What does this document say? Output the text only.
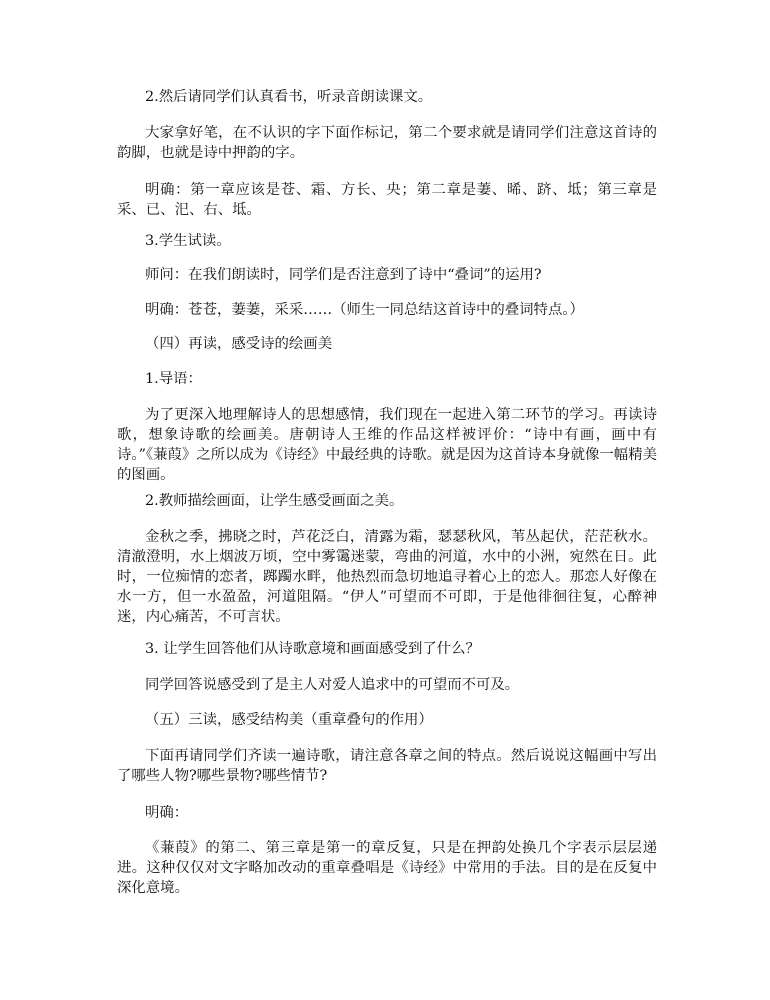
2.然后请同学们认真看书，听录音朗读课文。

大家拿好笔，在不认识的字下面作标记，第二个要求就是请同学们注意这首诗的韵脚，也就是诗中押韵的字。

明确：第一章应该是苍、霜、方长、央；第二章是萋、晞、跻、坻；第三章是采、已、汜、右、坻。

3.学生试读。

师问：在我们朗读时，同学们是否注意到了诗中“叠词”的运用?

明确：苍苍，萋萋，采采……（师生一同总结这首诗中的叠词特点。）

（四）再读，感受诗的绘画美

1.导语：

为了更深入地理解诗人的思想感情，我们现在一起进入第二环节的学习。再读诗歌，想象诗歌的绘画美。唐朝诗人王维的作品这样被评价：“诗中有画，画中有诗。”《蒹葭》之所以成为《诗经》中最经典的诗歌。就是因为这首诗本身就像一幅精美的图画。

2.教师描绘画面，让学生感受画面之美。

金秋之季，拂晓之时，芦花泛白，清露为霜，瑟瑟秋风，苇丛起伏，茫茫秋水。清澈澄明，水上烟波万顷，空中雾霭迷蒙，弯曲的河道，水中的小洲，宛然在日。此时，一位痴情的恋者，踯躅水畔，他热烈而急切地追寻着心上的恋人。那恋人好像在水一方，但一水盈盈，河道阻隔。“伊人”可望而不可即，于是他徘徊往复，心醉神迷，内心痛苦，不可言状。

3. 让学生回答他们从诗歌意境和画面感受到了什么？

同学回答说感受到了是主人对爱人追求中的可望而不可及。

（五）三读，感受结构美（重章叠句的作用）

下面再请同学们齐读一遍诗歌，请注意各章之间的特点。然后说说这幅画中写出了哪些人物?哪些景物?哪些情节?

明确：

《蒹葭》的第二、第三章是第一的章反复，只是在押韵处换几个字表示层层递进。这种仅仅对文字略加改动的重章叠唱是《诗经》中常用的手法。目的是在反复中深化意境。
